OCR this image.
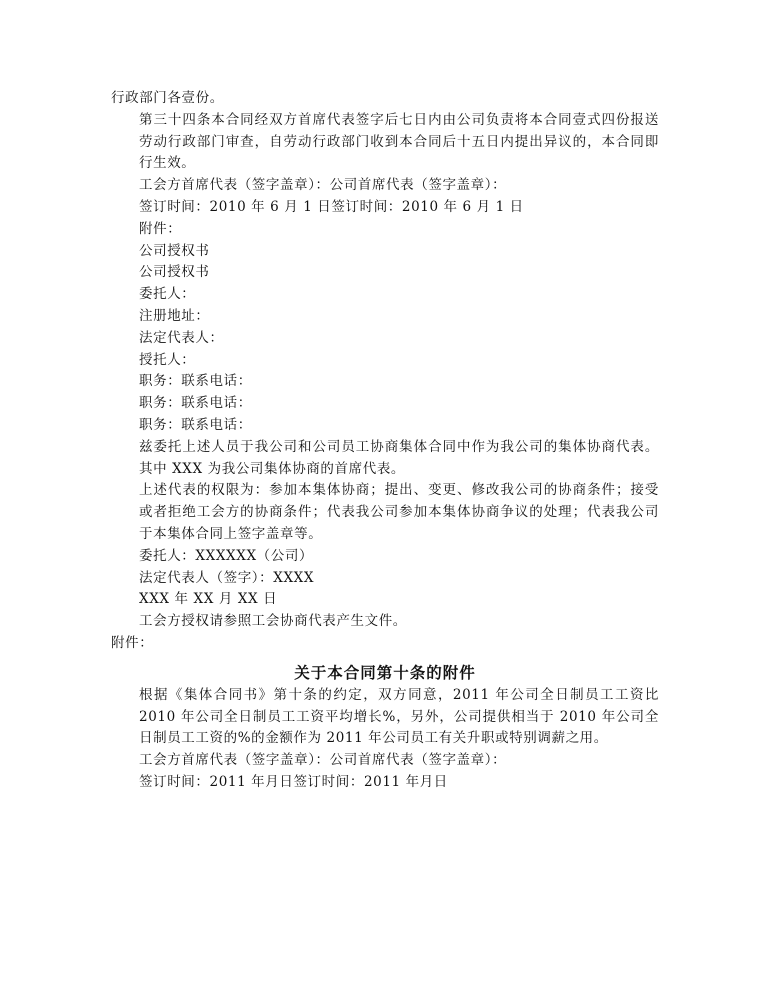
行政部门各壹份。

第三十四条本合同经双方首席代表签字后七日内由公司负责将本合同壹式四份报送劳动行政部门审查，自劳动行政部门收到本合同后十五日内提出异议的，本合同即行生效。

工会方首席代表（签字盖章）：公司首席代表（签字盖章）：

签订时间：2010 年 6 月 1 日签订时间：2010 年 6 月 1 日

附件：

公司授权书

公司授权书

委托人：

注册地址：

法定代表人：

授托人：

职务：联系电话：

职务：联系电话：

职务：联系电话：

兹委托上述人员于我公司和公司员工协商集体合同中作为我公司的集体协商代表。其中 XXX 为我公司集体协商的首席代表。

上述代表的权限为：参加本集体协商；提出、变更、修改我公司的协商条件；接受或者拒绝工会方的协商条件；代表我公司参加本集体协商争议的处理；代表我公司于本集体合同上签字盖章等。

委托人：XXXXXX（公司）

法定代表人（签字）：XXXX

XXX 年 XX 月 XX 日

工会方授权请参照工会协商代表产生文件。

附件：

关于本合同第十条的附件

根据《集体合同书》第十条的约定，双方同意，2011 年公司全日制员工工资比 2010 年公司全日制员工工资平均增长%，另外，公司提供相当于 2010 年公司全日制员工工资的%的金额作为 2011 年公司员工有关升职或特别调薪之用。

工会方首席代表（签字盖章）：公司首席代表（签字盖章）：

签订时间：2011 年月日签订时间：2011 年月日
